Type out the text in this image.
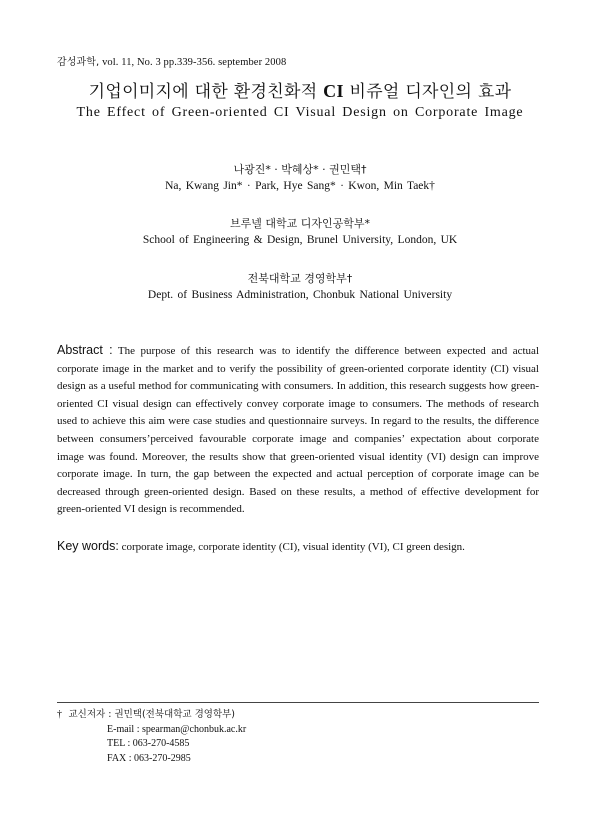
감성과학, vol. 11, No. 3 pp.339-356. september 2008
기업이미지에 대한 환경친화적 CI 비쥬얼 디자인의 효과
The Effect of Green-oriented CI Visual Design on Corporate Image
나광진* · 박혜상* · 권민택†
Na, Kwang Jin* · Park, Hye Sang* · Kwon, Min Taek†
브루넬 대학교 디자인공학부*
School of Engineering & Design, Brunel University, London, UK
전북대학교 경영학부†
Dept. of Business Administration, Chonbuk National University
Abstract : The purpose of this research was to identify the difference between expected and actual corporate image in the market and to verify the possibility of green-oriented corporate identity (CI) visual design as a useful method for communicating with consumers. In addition, this research suggests how green-oriented CI visual design can effectively convey corporate image to consumers. The methods of research used to achieve this aim were case studies and questionnaire surveys. In regard to the results, the difference between consumers’perceived favourable corporate image and companies’ expectation about corporate image was found. Moreover, the results show that green-oriented visual identity (VI) design can improve corporate image. In turn, the gap between the expected and actual perception of corporate image can be decreased through green-oriented design. Based on these results, a method of effective development for green-oriented VI design is recommended.
Key words: corporate image, corporate identity (CI), visual identity (VI), CI green design.
† 교신저자 : 권민택(전북대학교 경영학부)
E-mail : spearman@chonbuk.ac.kr
TEL : 063-270-4585
FAX : 063-270-2985
